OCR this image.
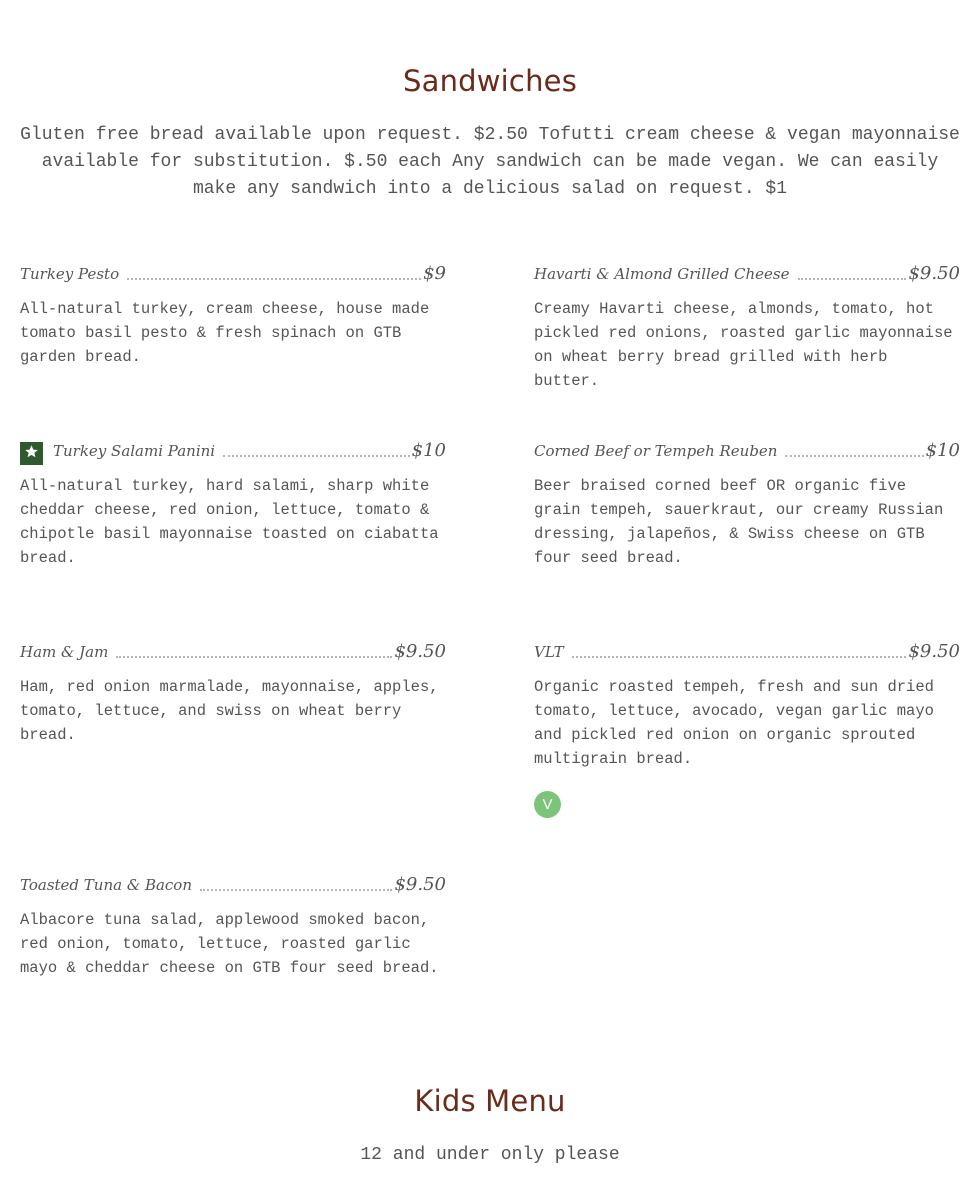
Sandwiches

Gluten free bread available upon request. $2.50 Tofutti cream cheese & vegan mayonnaise available for substitution. $.50 each Any sandwich can be made vegan. We can easily make any sandwich into a delicious salad on request. $1

Turkey Pesto	$9

All-natural turkey, cream cheese, house made tomato basil pesto & fresh spinach on GTB garden bread.

Havarti & Almond Grilled Cheese	$9.50

Creamy Havarti cheese, almonds, tomato, hot pickled red onions, roasted garlic mayonnaise on wheat berry bread grilled with herb butter.

Turkey Salami Panini	$10

All-natural turkey, hard salami, sharp white cheddar cheese, red onion, lettuce, tomato & chipotle basil mayonnaise toasted on ciabatta bread.

Corned Beef or Tempeh Reuben	$10

Beer braised corned beef OR organic five grain tempeh, sauerkraut, our creamy Russian dressing, jalapeños, & Swiss cheese on GTB four seed bread.

Ham & Jam	$9.50

Ham, red onion marmalade, mayonnaise, apples, tomato, lettuce, and swiss on wheat berry bread.

VLT	$9.50

Organic roasted tempeh, fresh and sun dried tomato, lettuce, avocado, vegan garlic mayo and pickled red onion on organic sprouted multigrain bread.

V
Toasted Tuna & Bacon	$9.50

Albacore tuna salad, applewood smoked bacon, red onion, tomato, lettuce, roasted garlic mayo & cheddar cheese on GTB four seed bread.

Kids Menu

12 and under only please
